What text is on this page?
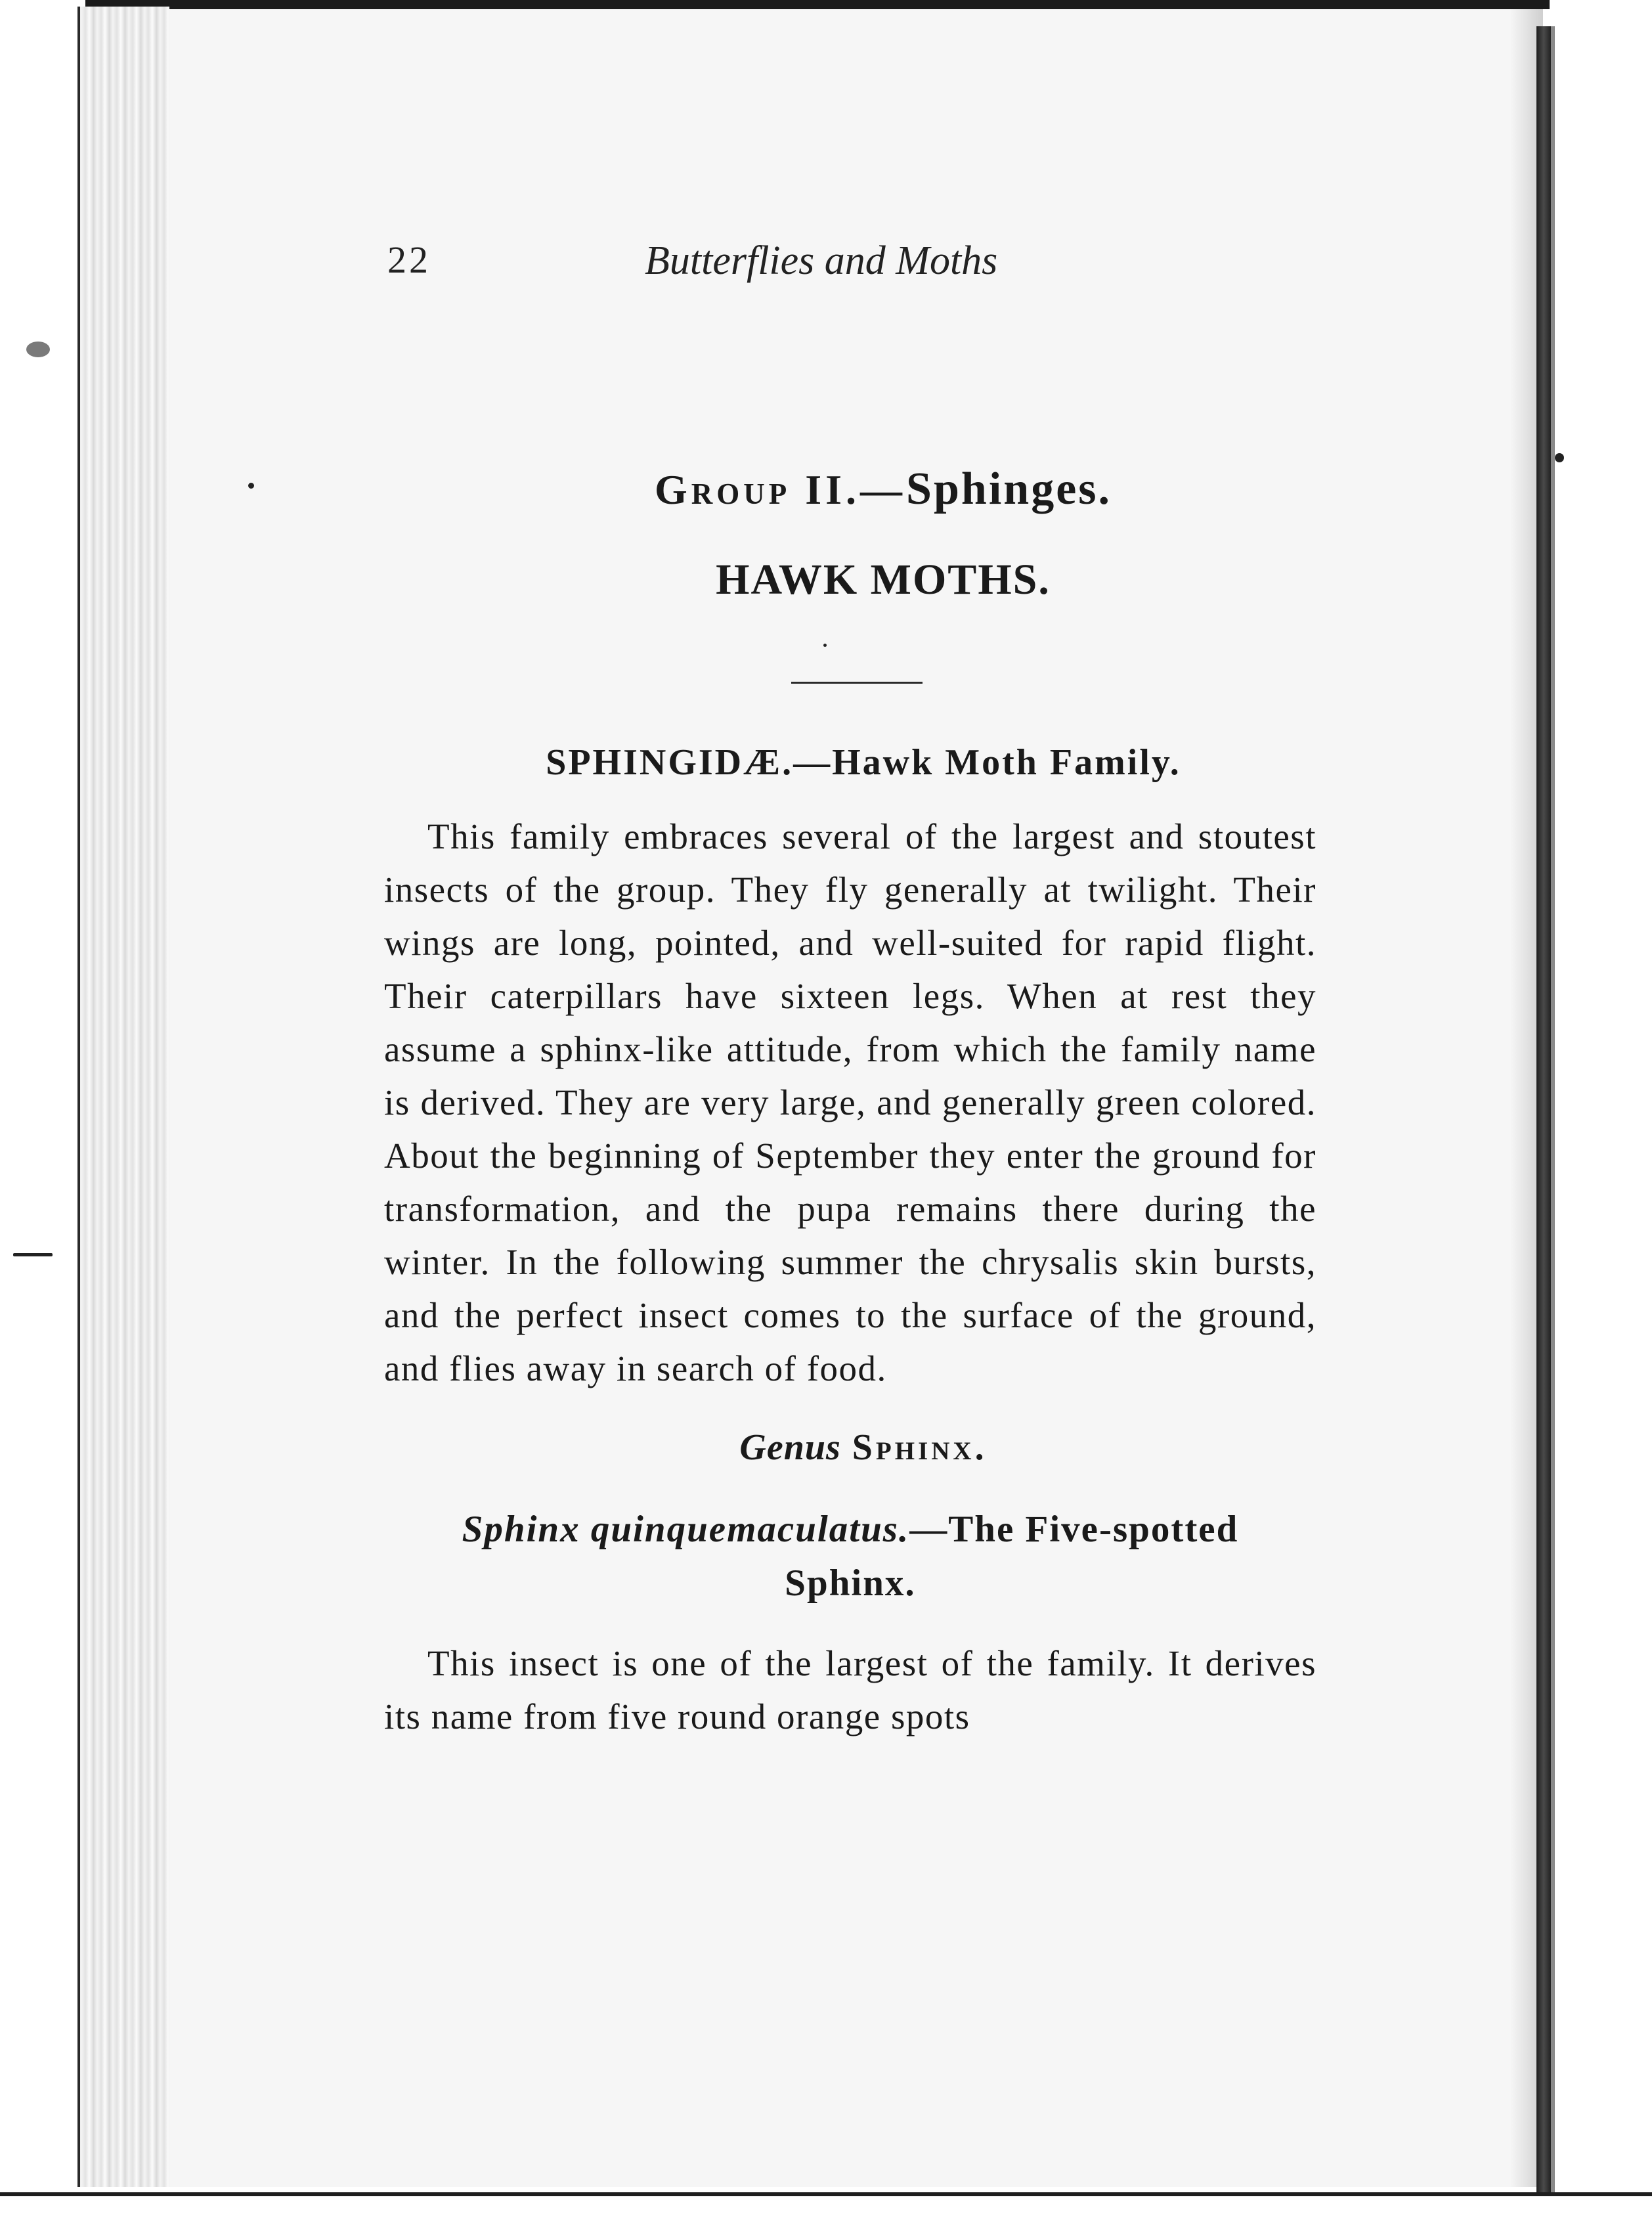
22	Butterflies and Moths
Group II.—Sphinges.
HAWK MOTHS.
SPHINGIDÆ.—Hawk Moth Family.

This family embraces several of the largest and stoutest insects of the group. They fly generally at twilight. Their wings are long, pointed, and well-suited for rapid flight. Their caterpillars have sixteen legs. When at rest they assume a sphinx-like attitude, from which the family name is derived. They are very large, and generally green colored. About the beginning of September they enter the ground for transformation, and the pupa remains there during the winter. In the following summer the chrysalis skin bursts, and the perfect insect comes to the surface of the ground, and flies away in search of food.

Genus Sphinx.
Sphinx quinquemaculatus.—The Five-spotted Sphinx.

This insect is one of the largest of the family. It derives its name from five round orange spots
